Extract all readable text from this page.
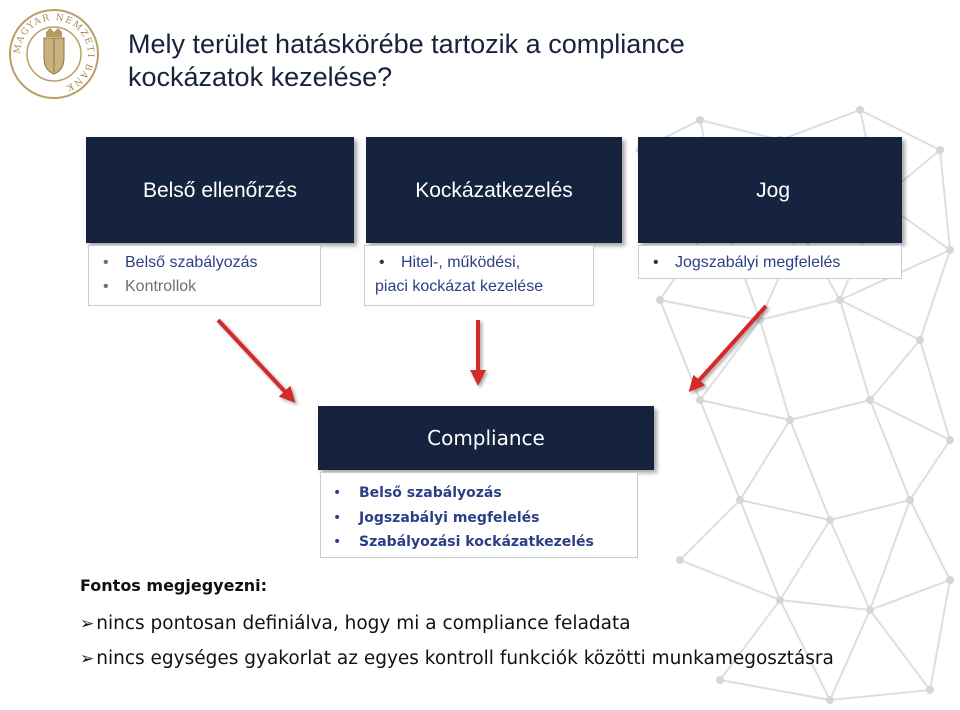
MAGYAR NEMZETI BANK
Mely terület hatáskörébe tartozik a compliance
kockázatok kezelése?
Belső ellenőrzés	Kockázatkezelés	Jog
• Belső szabályozás
• Kontrollok
• Hitel-, működési,
piaci kockázat kezelése
• Jogszabályi megfelelés
Compliance
• Belső szabályozás
• Jogszabályi megfelelés
• Szabályozási kockázatkezelés
Fontos megjegyezni:
➢ nincs pontosan definiálva, hogy mi a compliance feladata
➢ nincs egységes gyakorlat az egyes kontroll funkciók közötti munkamegosztásra
